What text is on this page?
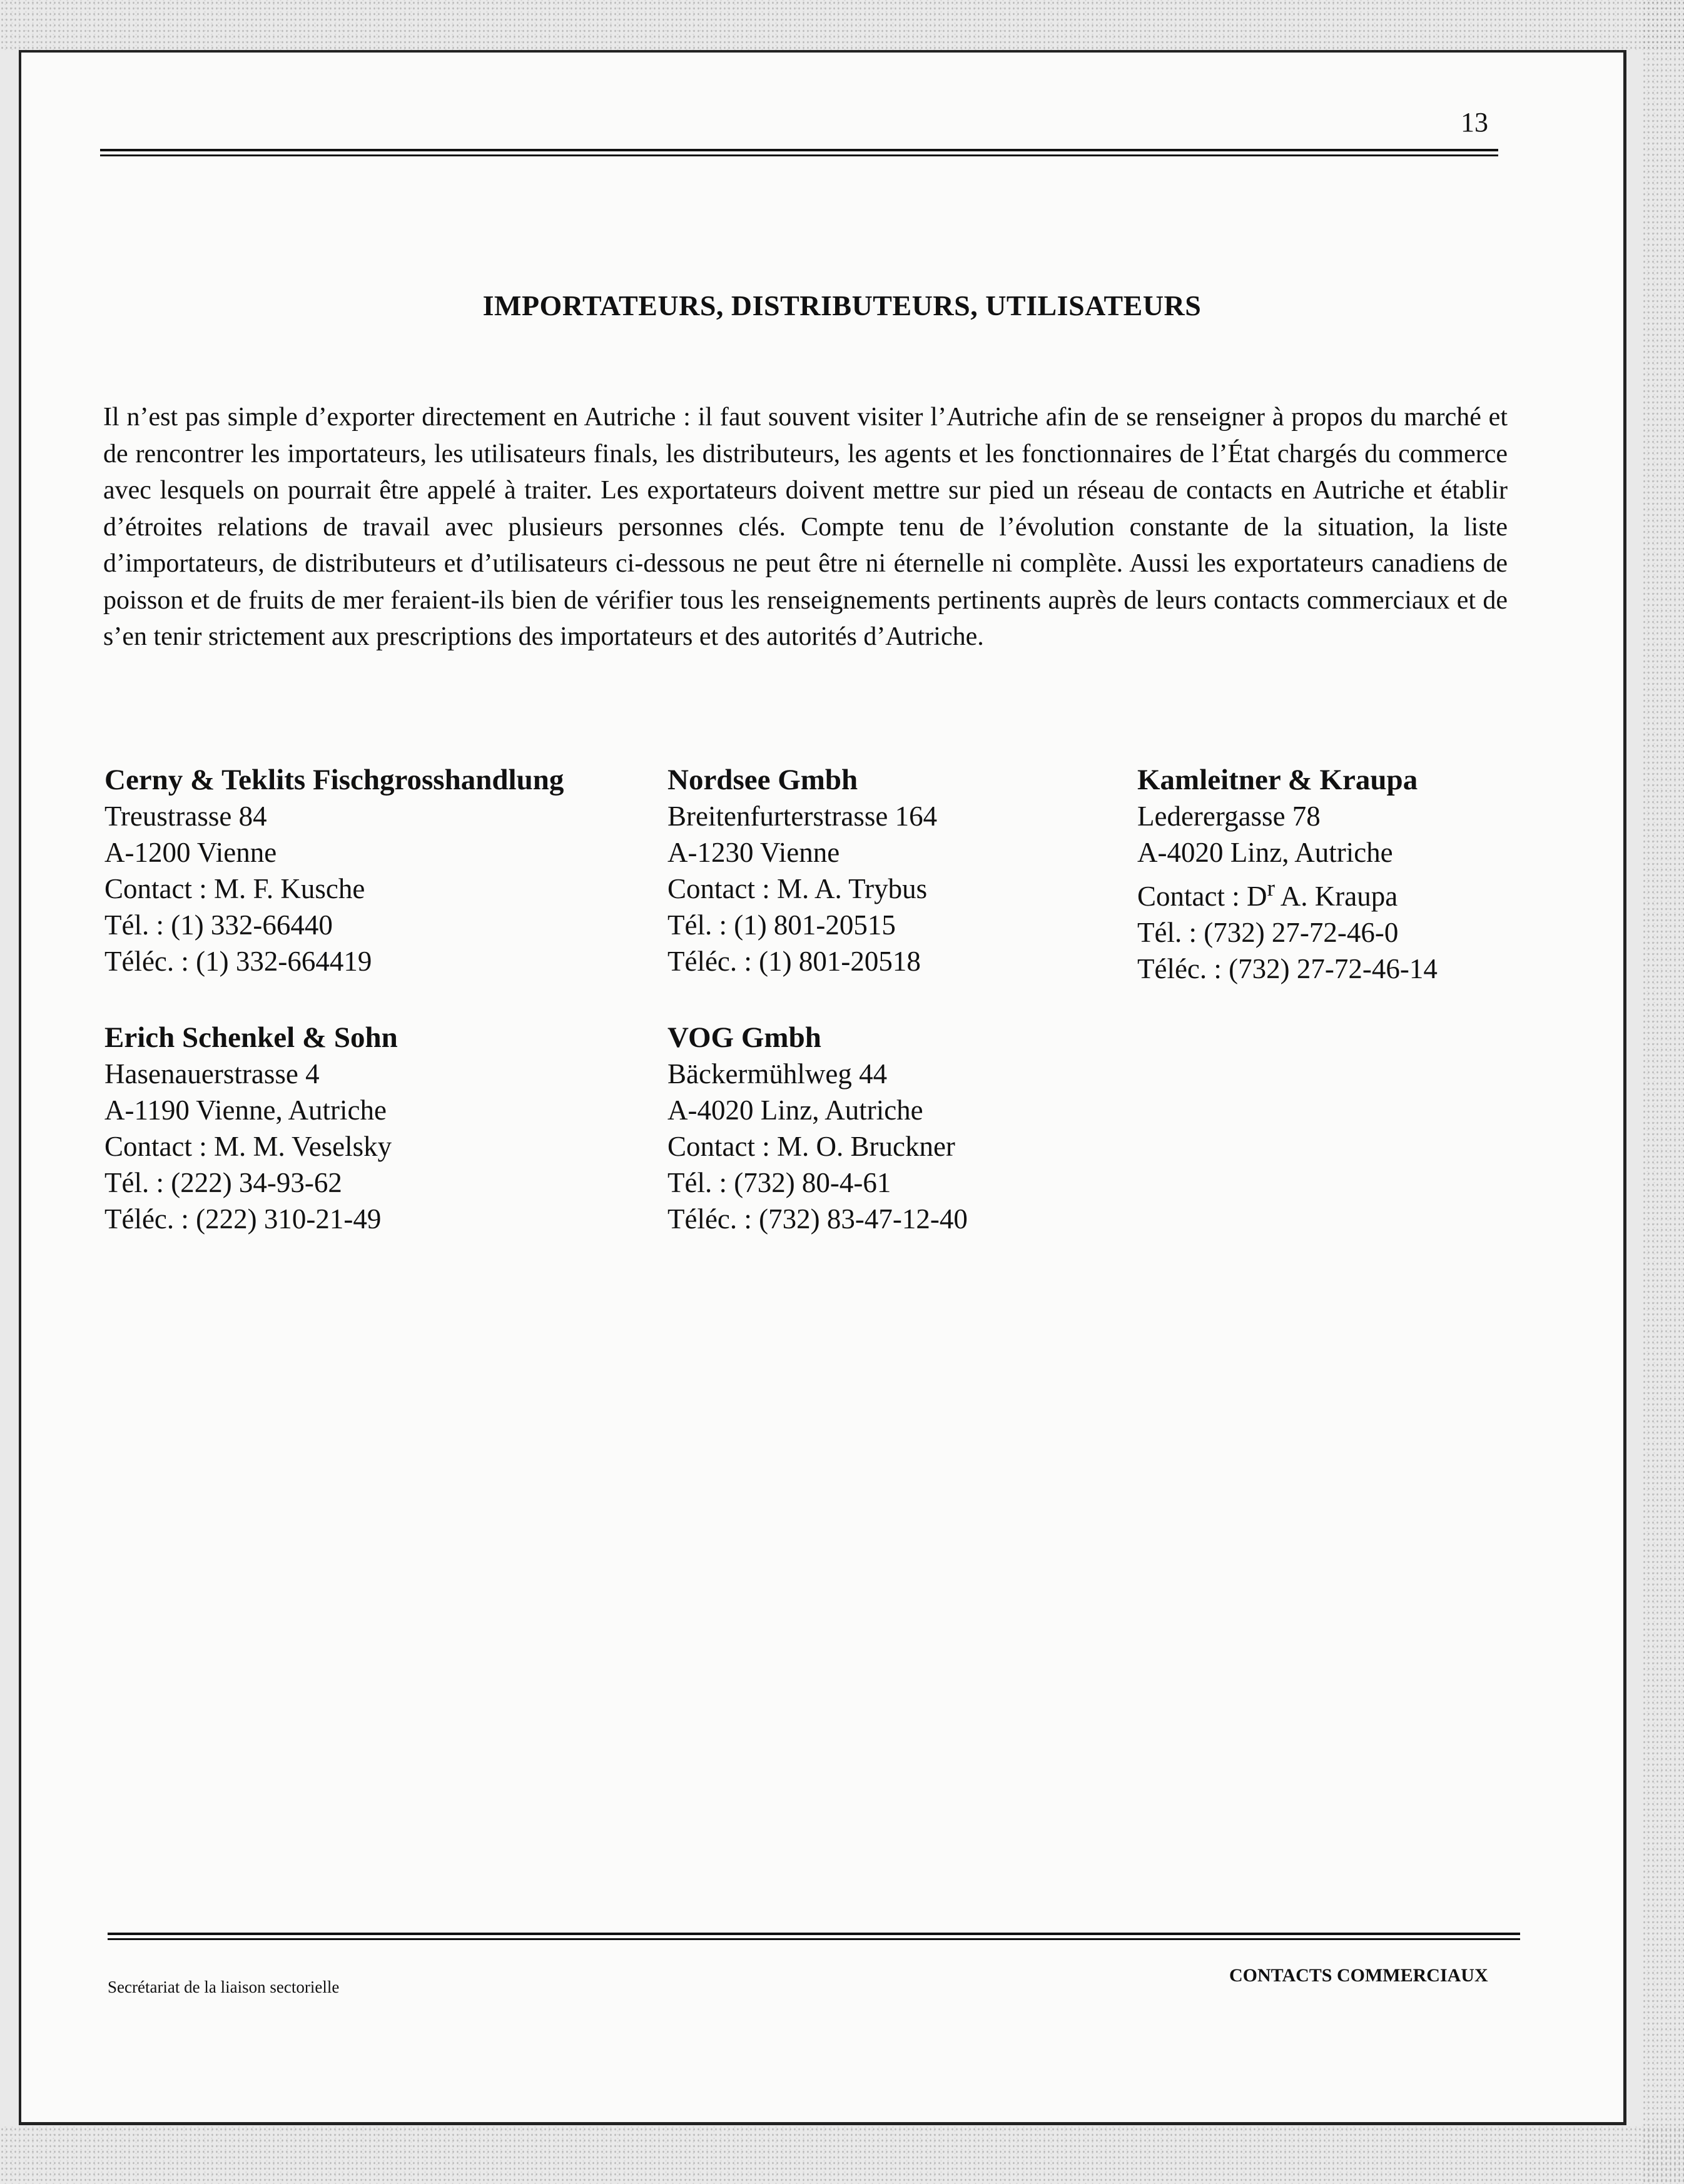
13
IMPORTATEURS, DISTRIBUTEURS, UTILISATEURS
Il n’est pas simple d’exporter directement en Autriche : il faut souvent visiter l’Autriche afin de se renseigner à propos du marché et de rencontrer les importateurs, les utilisateurs finals, les distributeurs, les agents et les fonctionnaires de l’État chargés du commerce avec lesquels on pourrait être appelé à traiter. Les exportateurs doivent mettre sur pied un réseau de contacts en Autriche et établir d’étroites relations de travail avec plusieurs personnes clés. Compte tenu de l’évolution constante de la situation, la liste d’importateurs, de distributeurs et d’utilisateurs ci-dessous ne peut être ni éternelle ni complète. Aussi les exportateurs canadiens de poisson et de fruits de mer feraient-ils bien de vérifier tous les renseignements pertinents auprès de leurs contacts commerciaux et de s’en tenir strictement aux prescriptions des importateurs et des autorités d’Autriche.
Cerny & Teklits Fischgrosshandlung
Treustrasse 84
A-1200 Vienne
Contact : M. F. Kusche
Tél. : (1) 332-66440
Téléc. : (1) 332-664419
Nordsee Gmbh
Breitenfurterstrasse 164
A-1230 Vienne
Contact : M. A. Trybus
Tél. : (1) 801-20515
Téléc. : (1) 801-20518
Kamleitner & Kraupa
Lederergasse 78
A-4020 Linz, Autriche
Contact : $D^r$ A. Kraupa
Tél. : (732) 27-72-46-0
Téléc. : (732) 27-72-46-14
Erich Schenkel & Sohn
Hasenauerstrasse 4
A-1190 Vienne, Autriche
Contact : M. M. Veselsky
Tél. : (222) 34-93-62
Téléc. : (222) 310-21-49
VOG Gmbh
Bäckermühlweg 44
A-4020 Linz, Autriche
Contact : M. O. Bruckner
Tél. : (732) 80-4-61
Téléc. : (732) 83-47-12-40
Secrétariat de la liaison sectorielle
CONTACTS COMMERCIAUX
